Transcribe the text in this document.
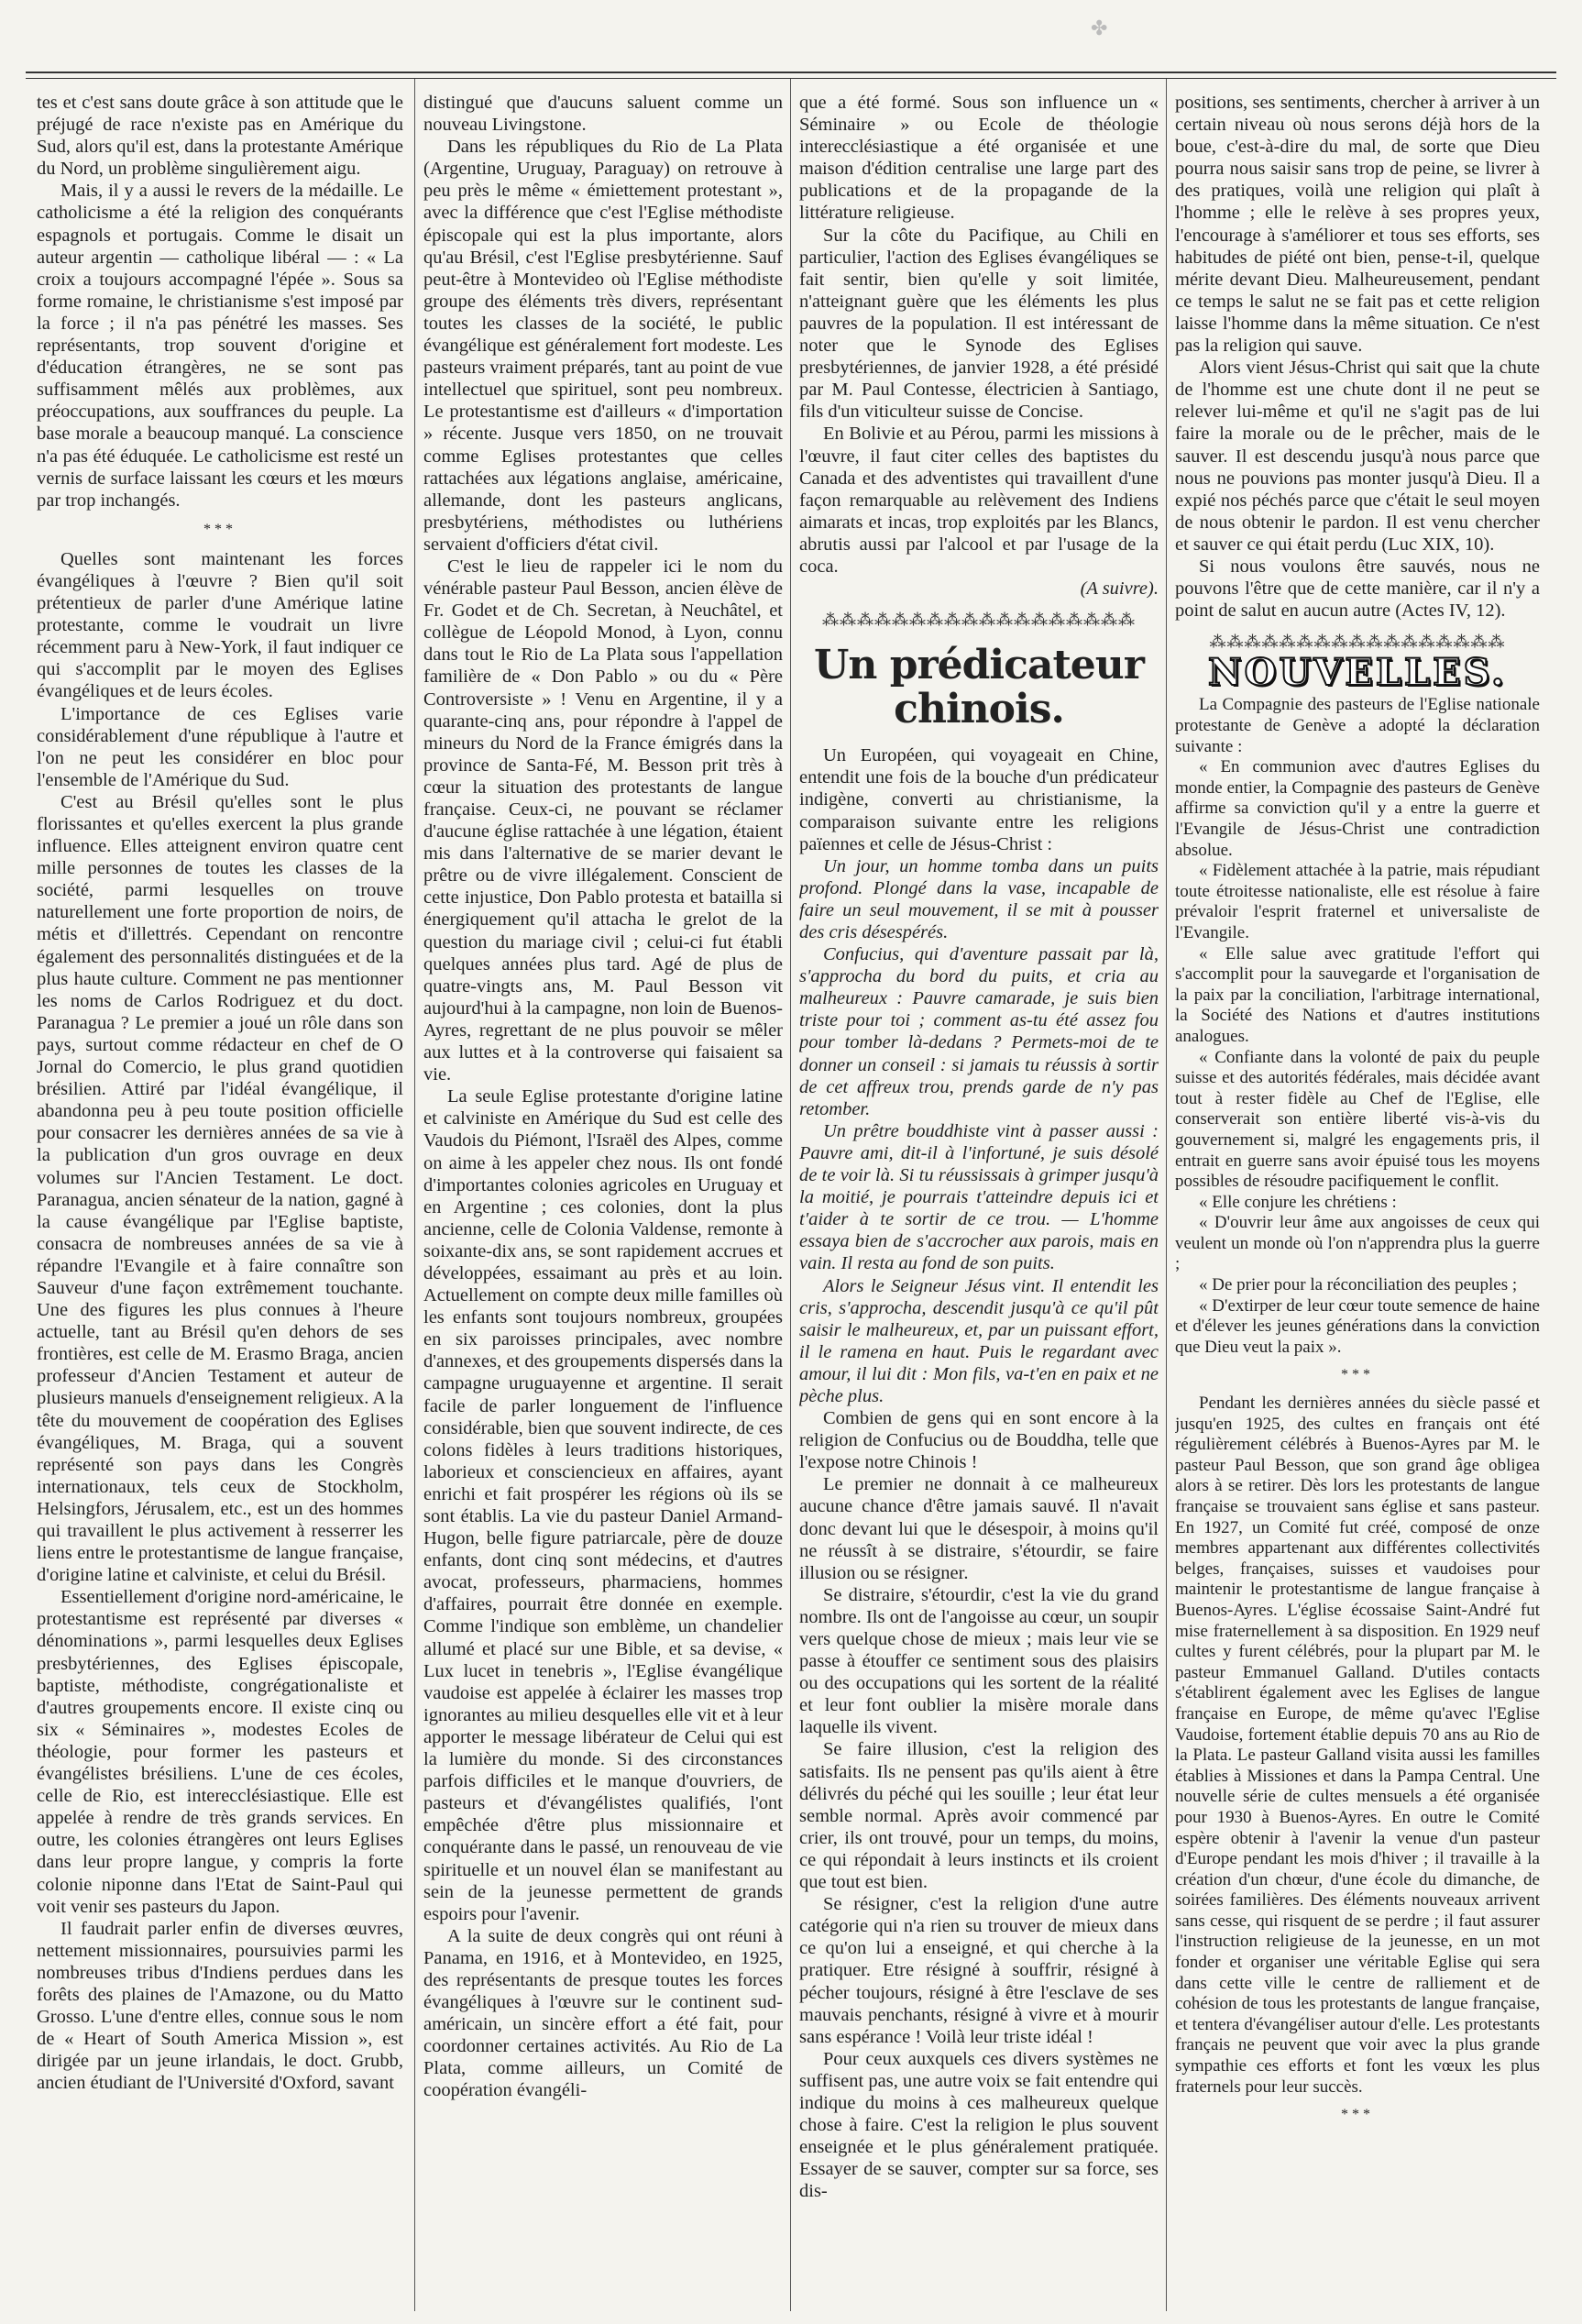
✤

tes et c'est sans doute grâce à son attitude que le préjugé de race n'existe pas en Amérique du Sud, alors qu'il est, dans la protestante Amérique du Nord, un problème singulièrement aigu.

Mais, il y a aussi le revers de la médaille. Le catholicisme a été la religion des conquérants espagnols et portugais. Comme le disait un auteur argentin — catholique libéral — : « La croix a toujours accompagné l'épée ». Sous sa forme romaine, le christianisme s'est imposé par la force ; il n'a pas pénétré les masses. Ses représentants, trop souvent d'origine et d'éducation étrangères, ne se sont pas suffisamment mêlés aux problèmes, aux préoccupations, aux souffrances du peuple. La base morale a beaucoup manqué. La conscience n'a pas été éduquée. Le catholicisme est resté un vernis de surface laissant les cœurs et les mœurs par trop inchangés.

***

Quelles sont maintenant les forces évangéliques à l'œuvre ? Bien qu'il soit prétentieux de parler d'une Amérique latine protestante, comme le voudrait un livre récemment paru à New-York, il faut indiquer ce qui s'accomplit par le moyen des Eglises évangéliques et de leurs écoles.

L'importance de ces Eglises varie considérablement d'une république à l'autre et l'on ne peut les considérer en bloc pour l'ensemble de l'Amérique du Sud.

C'est au Brésil qu'elles sont le plus florissantes et qu'elles exercent la plus grande influence. Elles atteignent environ quatre cent mille personnes de toutes les classes de la société, parmi lesquelles on trouve naturellement une forte proportion de noirs, de métis et d'illettrés. Cependant on rencontre également des personnalités distinguées et de la plus haute culture. Comment ne pas mentionner les noms de Carlos Rodriguez et du doct. Paranagua ? Le premier a joué un rôle dans son pays, surtout comme rédacteur en chef de O Jornal do Comercio, le plus grand quotidien brésilien. Attiré par l'idéal évangélique, il abandonna peu à peu toute position officielle pour consacrer les dernières années de sa vie à la publication d'un gros ouvrage en deux volumes sur l'Ancien Testament. Le doct. Paranagua, ancien sénateur de la nation, gagné à la cause évangélique par l'Eglise baptiste, consacra de nombreuses années de sa vie à répandre l'Evangile et à faire connaître son Sauveur d'une façon extrêmement touchante. Une des figures les plus connues à l'heure actuelle, tant au Brésil qu'en dehors de ses frontières, est celle de M. Erasmo Braga, ancien professeur d'Ancien Testament et auteur de plusieurs manuels d'enseignement religieux. A la tête du mouvement de coopération des Eglises évangéliques, M. Braga, qui a souvent représenté son pays dans les Congrès internationaux, tels ceux de Stockholm, Helsingfors, Jérusalem, etc., est un des hommes qui travaillent le plus activement à resserrer les liens entre le protestantisme de langue française, d'origine latine et calviniste, et celui du Brésil.

Essentiellement d'origine nord-américaine, le protestantisme est représenté par diverses « dénominations », parmi lesquelles deux Eglises presbytériennes, des Eglises épiscopale, baptiste, méthodiste, congrégationaliste et d'autres groupements encore. Il existe cinq ou six « Séminaires », modestes Ecoles de théologie, pour former les pasteurs et évangélistes brésiliens. L'une de ces écoles, celle de Rio, est interecclésiastique. Elle est appelée à rendre de très grands services. En outre, les colonies étrangères ont leurs Eglises dans leur propre langue, y compris la forte colonie niponne dans l'Etat de Saint-Paul qui voit venir ses pasteurs du Japon.

Il faudrait parler enfin de diverses œuvres, nettement missionnaires, poursuivies parmi les nombreuses tribus d'Indiens perdues dans les forêts des plaines de l'Amazone, ou du Matto Grosso. L'une d'entre elles, connue sous le nom de « Heart of South America Mission », est dirigée par un jeune irlandais, le doct. Grubb, ancien étudiant de l'Université d'Oxford, savant

distingué que d'aucuns saluent comme un nouveau Livingstone.

Dans les républiques du Rio de La Plata (Argentine, Uruguay, Paraguay) on retrouve à peu près le même « émiettement protestant », avec la différence que c'est l'Eglise méthodiste épiscopale qui est la plus importante, alors qu'au Brésil, c'est l'Eglise presbytérienne. Sauf peut-être à Montevideo où l'Eglise méthodiste groupe des éléments très divers, représentant toutes les classes de la société, le public évangélique est généralement fort modeste. Les pasteurs vraiment préparés, tant au point de vue intellectuel que spirituel, sont peu nombreux. Le protestantisme est d'ailleurs « d'importation » récente. Jusque vers 1850, on ne trouvait comme Eglises protestantes que celles rattachées aux légations anglaise, américaine, allemande, dont les pasteurs anglicans, presbytériens, méthodistes ou luthériens servaient d'officiers d'état civil.

C'est le lieu de rappeler ici le nom du vénérable pasteur Paul Besson, ancien élève de Fr. Godet et de Ch. Secretan, à Neuchâtel, et collègue de Léopold Monod, à Lyon, connu dans tout le Rio de La Plata sous l'appellation familière de « Don Pablo » ou du « Père Controversiste » ! Venu en Argentine, il y a quarante-cinq ans, pour répondre à l'appel de mineurs du Nord de la France émigrés dans la province de Santa-Fé, M. Besson prit très à cœur la situation des protestants de langue française. Ceux-ci, ne pouvant se réclamer d'aucune église rattachée à une légation, étaient mis dans l'alternative de se marier devant le prêtre ou de vivre illégalement. Conscient de cette injustice, Don Pablo protesta et batailla si énergiquement qu'il attacha le grelot de la question du mariage civil ; celui-ci fut établi quelques années plus tard. Agé de plus de quatre-vingts ans, M. Paul Besson vit aujourd'hui à la campagne, non loin de Buenos-Ayres, regrettant de ne plus pouvoir se mêler aux luttes et à la controverse qui faisaient sa vie.

La seule Eglise protestante d'origine latine et calviniste en Amérique du Sud est celle des Vaudois du Piémont, l'Israël des Alpes, comme on aime à les appeler chez nous. Ils ont fondé d'importantes colonies agricoles en Uruguay et en Argentine ; ces colonies, dont la plus ancienne, celle de Colonia Valdense, remonte à soixante-dix ans, se sont rapidement accrues et développées, essaimant au près et au loin. Actuellement on compte deux mille familles où les enfants sont toujours nombreux, groupées en six paroisses principales, avec nombre d'annexes, et des groupements dispersés dans la campagne uruguayenne et argentine. Il serait facile de parler longuement de l'influence considérable, bien que souvent indirecte, de ces colons fidèles à leurs traditions historiques, laborieux et consciencieux en affaires, ayant enrichi et fait prospérer les régions où ils se sont établis. La vie du pasteur Daniel Armand-Hugon, belle figure patriarcale, père de douze enfants, dont cinq sont médecins, et d'autres avocat, professeurs, pharmaciens, hommes d'affaires, pourrait être donnée en exemple. Comme l'indique son emblème, un chandelier allumé et placé sur une Bible, et sa devise, « Lux lucet in tenebris », l'Eglise évangélique vaudoise est appelée à éclairer les masses trop ignorantes au milieu desquelles elle vit et à leur apporter le message libérateur de Celui qui est la lumière du monde. Si des circonstances parfois difficiles et le manque d'ouvriers, de pasteurs et d'évangélistes qualifiés, l'ont empêchée d'être plus missionnaire et conquérante dans le passé, un renouveau de vie spirituelle et un nouvel élan se manifestant au sein de la jeunesse permettent de grands espoirs pour l'avenir.

A la suite de deux congrès qui ont réuni à Panama, en 1916, et à Montevideo, en 1925, des représentants de presque toutes les forces évangéliques à l'œuvre sur le continent sud-américain, un sincère effort a été fait, pour coordonner certaines activités. Au Rio de La Plata, comme ailleurs, un Comité de coopération évangéli-

que a été formé. Sous son influence un « Séminaire » ou Ecole de théologie interecclésiastique a été organisée et une maison d'édition centralise une large part des publications et de la propagande de la littérature religieuse.

Sur la côte du Pacifique, au Chili en particulier, l'action des Eglises évangéliques se fait sentir, bien qu'elle y soit limitée, n'atteignant guère que les éléments les plus pauvres de la population. Il est intéressant de noter que le Synode des Eglises presbytériennes, de janvier 1928, a été présidé par M. Paul Contesse, électricien à Santiago, fils d'un viticulteur suisse de Concise.

En Bolivie et au Pérou, parmi les missions à l'œuvre, il faut citer celles des baptistes du Canada et des adventistes qui travaillent d'une façon remarquable au relèvement des Indiens aimarats et incas, trop exploités par les Blancs, abrutis aussi par l'alcool et par l'usage de la coca.

(A suivre).
⁂⁂⁂⁂⁂⁂⁂⁂⁂⁂⁂⁂⁂⁂⁂⁂⁂⁂
Un prédicateur chinois.

Un Européen, qui voyageait en Chine, entendit une fois de la bouche d'un prédicateur indigène, converti au christianisme, la comparaison suivante entre les religions païennes et celle de Jésus-Christ :

Un jour, un homme tomba dans un puits profond. Plongé dans la vase, incapable de faire un seul mouvement, il se mit à pousser des cris désespérés.

Confucius, qui d'aventure passait par là, s'approcha du bord du puits, et cria au malheureux : Pauvre camarade, je suis bien triste pour toi ; comment as-tu été assez fou pour tomber là-dedans ? Permets-moi de te donner un conseil : si jamais tu réussis à sortir de cet affreux trou, prends garde de n'y pas retomber.

Un prêtre bouddhiste vint à passer aussi : Pauvre ami, dit-il à l'infortuné, je suis désolé de te voir là. Si tu réussissais à grimper jusqu'à la moitié, je pourrais t'atteindre depuis ici et t'aider à te sortir de ce trou. — L'homme essaya bien de s'accrocher aux parois, mais en vain. Il resta au fond de son puits.

Alors le Seigneur Jésus vint. Il entendit les cris, s'approcha, descendit jusqu'à ce qu'il pût saisir le malheureux, et, par un puissant effort, il le ramena en haut. Puis le regardant avec amour, il lui dit : Mon fils, va-t'en en paix et ne pèche plus.

Combien de gens qui en sont encore à la religion de Confucius ou de Bouddha, telle que l'expose notre Chinois !

Le premier ne donnait à ce malheureux aucune chance d'être jamais sauvé. Il n'avait donc devant lui que le désespoir, à moins qu'il ne réussît à se distraire, s'étourdir, se faire illusion ou se résigner.

Se distraire, s'étourdir, c'est la vie du grand nombre. Ils ont de l'angoisse au cœur, un soupir vers quelque chose de mieux ; mais leur vie se passe à étouffer ce sentiment sous des plaisirs ou des occupations qui les sortent de la réalité et leur font oublier la misère morale dans laquelle ils vivent.

Se faire illusion, c'est la religion des satisfaits. Ils ne pensent pas qu'ils aient à être délivrés du péché qui les souille ; leur état leur semble normal. Après avoir commencé par crier, ils ont trouvé, pour un temps, du moins, ce qui répondait à leurs instincts et ils croient que tout est bien.

Se résigner, c'est la religion d'une autre catégorie qui n'a rien su trouver de mieux dans ce qu'on lui a enseigné, et qui cherche à la pratiquer. Etre résigné à souffrir, résigné à pécher toujours, résigné à être l'esclave de ses mauvais penchants, résigné à vivre et à mourir sans espérance ! Voilà leur triste idéal !

Pour ceux auxquels ces divers systèmes ne suffisent pas, une autre voix se fait entendre qui indique du moins à ces malheureux quelque chose à faire. C'est la religion le plus souvent enseignée et le plus généralement pratiquée. Essayer de se sauver, compter sur sa force, ses dis-

positions, ses sentiments, chercher à arriver à un certain niveau où nous serons déjà hors de la boue, c'est-à-dire du mal, de sorte que Dieu pourra nous saisir sans trop de peine, se livrer à des pratiques, voilà une religion qui plaît à l'homme ; elle le relève à ses propres yeux, l'encourage à s'améliorer et tous ses efforts, ses habitudes de piété ont bien, pense-t-il, quelque mérite devant Dieu. Malheureusement, pendant ce temps le salut ne se fait pas et cette religion laisse l'homme dans la même situation. Ce n'est pas la religion qui sauve.

Alors vient Jésus-Christ qui sait que la chute de l'homme est une chute dont il ne peut se relever lui-même et qu'il ne s'agit pas de lui faire la morale ou de le prêcher, mais de le sauver. Il est descendu jusqu'à nous parce que nous ne pouvions pas monter jusqu'à Dieu. Il a expié nos péchés parce que c'était le seul moyen de nous obtenir le pardon. Il est venu chercher et sauver ce qui était perdu (Luc XIX, 10).

Si nous voulons être sauvés, nous ne pouvons l'être que de cette manière, car il n'y a point de salut en aucun autre (Actes IV, 12).

⁂⁂⁂⁂⁂⁂⁂⁂⁂⁂⁂⁂⁂⁂⁂⁂⁂
NOUVELLES.

La Compagnie des pasteurs de l'Eglise nationale protestante de Genève a adopté la déclaration suivante :

« En communion avec d'autres Eglises du monde entier, la Compagnie des pasteurs de Genève affirme sa conviction qu'il y a entre la guerre et l'Evangile de Jésus-Christ une contradiction absolue.

« Fidèlement attachée à la patrie, mais répudiant toute étroitesse nationaliste, elle est résolue à faire prévaloir l'esprit fraternel et universaliste de l'Evangile.

« Elle salue avec gratitude l'effort qui s'accomplit pour la sauvegarde et l'organisation de la paix par la conciliation, l'arbitrage international, la Société des Nations et d'autres institutions analogues.

« Confiante dans la volonté de paix du peuple suisse et des autorités fédérales, mais décidée avant tout à rester fidèle au Chef de l'Eglise, elle conserverait son entière liberté vis-à-vis du gouvernement si, malgré les engagements pris, il entrait en guerre sans avoir épuisé tous les moyens possibles de résoudre pacifiquement le conflit.

« Elle conjure les chrétiens :

« D'ouvrir leur âme aux angoisses de ceux qui veulent un monde où l'on n'apprendra plus la guerre ;

« De prier pour la réconciliation des peuples ;

« D'extirper de leur cœur toute semence de haine et d'élever les jeunes générations dans la conviction que Dieu veut la paix ».

***

Pendant les dernières années du siècle passé et jusqu'en 1925, des cultes en français ont été régulièrement célébrés à Buenos-Ayres par M. le pasteur Paul Besson, que son grand âge obligea alors à se retirer. Dès lors les protestants de langue française se trouvaient sans église et sans pasteur. En 1927, un Comité fut créé, composé de onze membres appartenant aux différentes collectivités belges, françaises, suisses et vaudoises pour maintenir le protestantisme de langue française à Buenos-Ayres. L'église écossaise Saint-André fut mise fraternellement à sa disposition. En 1929 neuf cultes y furent célébrés, pour la plupart par M. le pasteur Emmanuel Galland. D'utiles contacts s'établirent également avec les Eglises de langue française en Europe, de même qu'avec l'Eglise Vaudoise, fortement établie depuis 70 ans au Rio de la Plata. Le pasteur Galland visita aussi les familles établies à Missiones et dans la Pampa Central. Une nouvelle série de cultes mensuels a été organisée pour 1930 à Buenos-Ayres. En outre le Comité espère obtenir à l'avenir la venue d'un pasteur d'Europe pendant les mois d'hiver ; il travaille à la création d'un chœur, d'une école du dimanche, de soirées familières. Des éléments nouveaux arrivent sans cesse, qui risquent de se perdre ; il faut assurer l'instruction religieuse de la jeunesse, en un mot fonder et organiser une véritable Eglise qui sera dans cette ville le centre de ralliement et de cohésion de tous les protestants de langue française, et tentera d'évangéliser autour d'elle. Les protestants français ne peuvent que voir avec la plus grande sympathie ces efforts et font les vœux les plus fraternels pour leur succès.

***
